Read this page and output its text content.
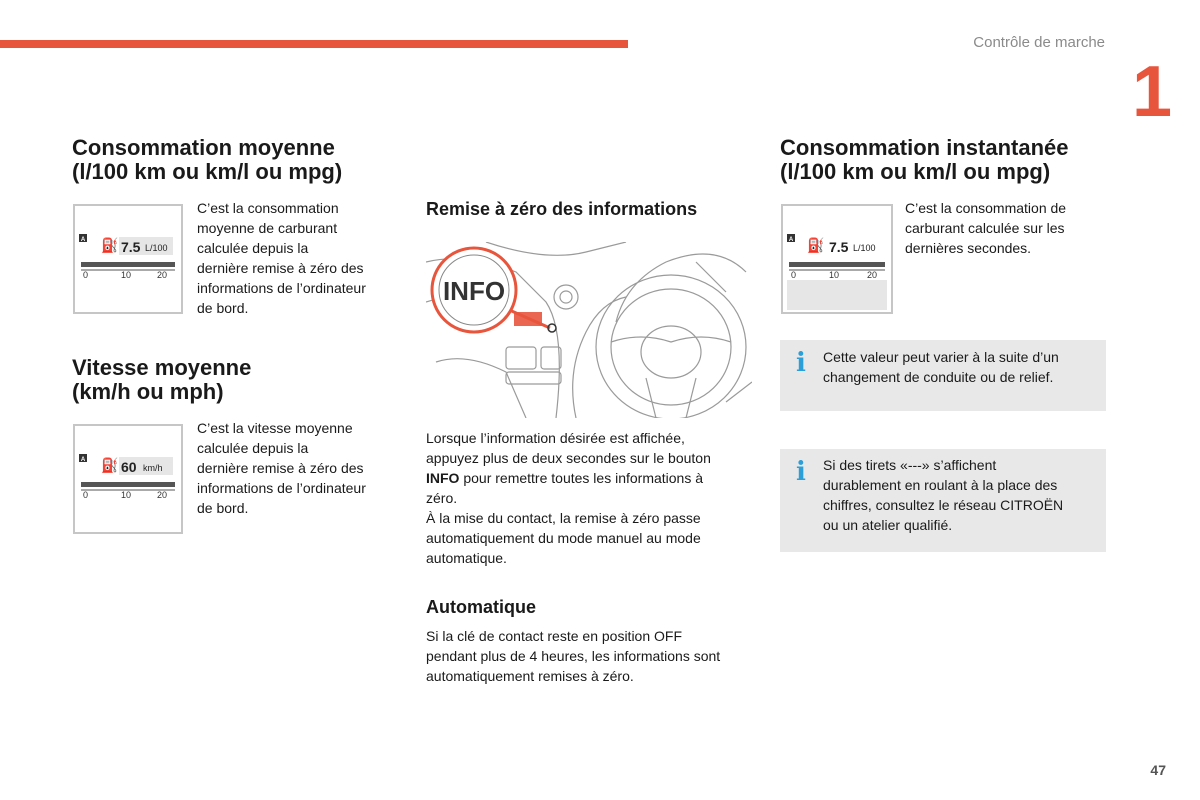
Contrôle de marche
1
Consommation moyenne
(l/100 km ou km/l ou mpg)
A ⛽ 7.5 L/100
0	10	20
C’est la consommation
moyenne de carburant
calculée depuis la
dernière remise à zéro des
informations de l’ordinateur
de bord.
Vitesse moyenne
(km/h ou mph)
A ⛽ 60 km/h
0	10	20
C’est la vitesse moyenne
calculée depuis la
dernière remise à zéro des
informations de l’ordinateur
de bord.
Remise à zéro des informations
INFO
Lorsque l’information désirée est affichée,
appuyez plus de deux secondes sur le bouton
INFO pour remettre toutes les informations à
zéro.
À la mise du contact, la remise à zéro passe
automatiquement du mode manuel au mode
automatique.
Automatique
Si la clé de contact reste en position OFF
pendant plus de 4 heures, les informations sont
automatiquement remises à zéro.
Consommation instantanée
(l/100 km ou km/l ou mpg)
A ⛽ 7.5 L/100
0	10	20
C’est la consommation de
carburant calculée sur les
dernières secondes.
i Cette valeur peut varier à la suite d’un
changement de conduite ou de relief.
i Si des tirets «---» s’affichent
durablement en roulant à la place des
chiffres, consultez le réseau CITROËN
ou un atelier qualifié.
47
